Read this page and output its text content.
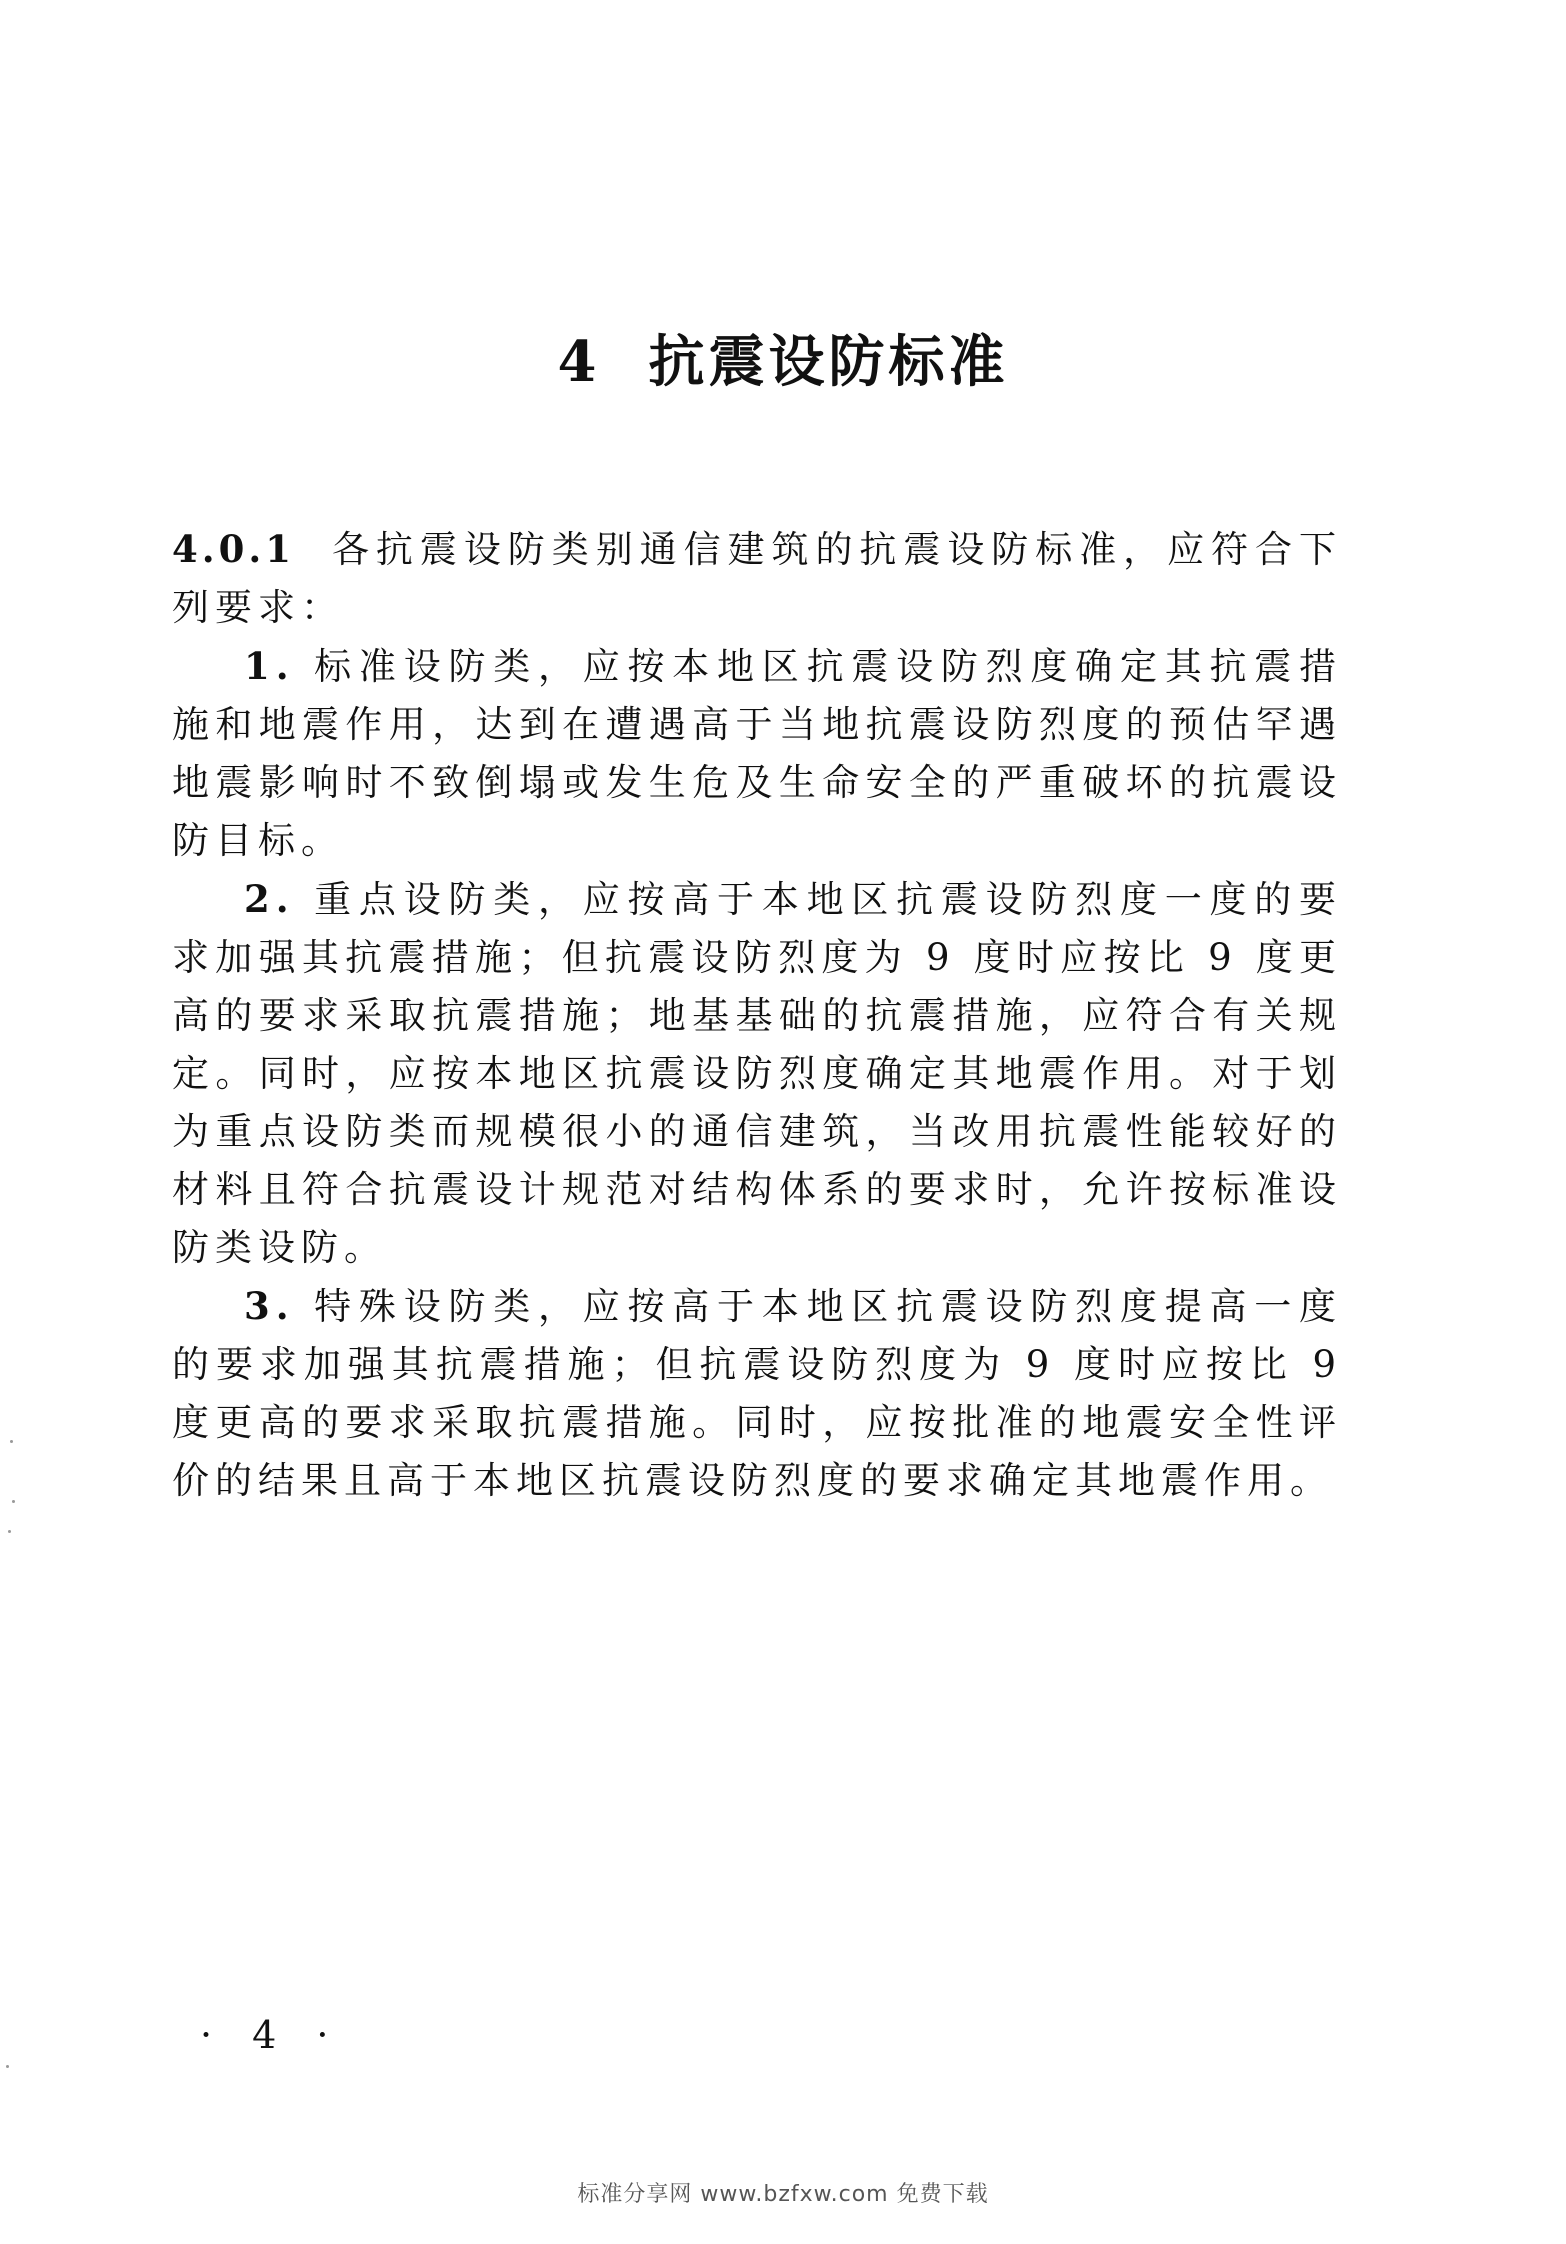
4 抗震设防标准

4.0.1 各抗震设防类别通信建筑的抗震设防标准，应符合下列要求：

1. 标准设防类，应按本地区抗震设防烈度确定其抗震措施和地震作用，达到在遭遇高于当地抗震设防烈度的预估罕遇地震影响时不致倒塌或发生危及生命安全的严重破坏的抗震设防目标。

2. 重点设防类，应按高于本地区抗震设防烈度一度的要求加强其抗震措施；但抗震设防烈度为 9 度时应按比 9 度更高的要求采取抗震措施；地基基础的抗震措施，应符合有关规定。同时，应按本地区抗震设防烈度确定其地震作用。对于划为重点设防类而规模很小的通信建筑，当改用抗震性能较好的材料且符合抗震设计规范对结构体系的要求时，允许按标准设防类设防。

3. 特殊设防类，应按高于本地区抗震设防烈度提高一度的要求加强其抗震措施；但抗震设防烈度为 9 度时应按比 9 度更高的要求采取抗震措施。同时，应按批准的地震安全性评价的结果且高于本地区抗震设防烈度的要求确定其地震作用。

· 4 ·
标准分享网 www.bzfxw.com 免费下载
